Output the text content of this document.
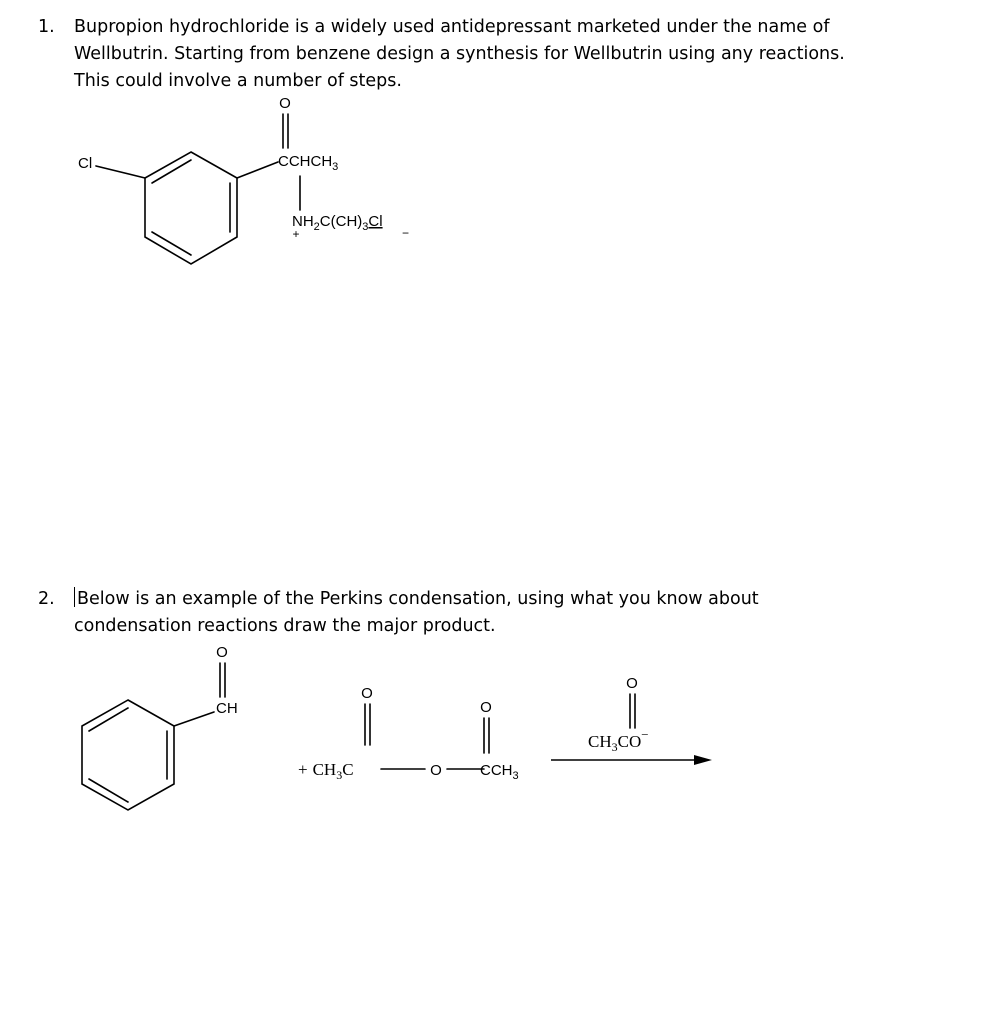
1. Bupropion hydrochloride is a widely used antidepressant marketed under the name of
Wellbutrin. Starting from benzene design a synthesis for Wellbutrin using any reactions.
This could involve a number of steps.
2. Below is an example of the Perkins condensation, using what you know about
condensation reactions draw the major product.
Cl
O
$CCHCH_3$
$NH_2C(CH)_3Cl$
+	−
O
CH
O
O
O
$CCH_3$
O
+ $CH_3C$
$CH_3CO^-$
